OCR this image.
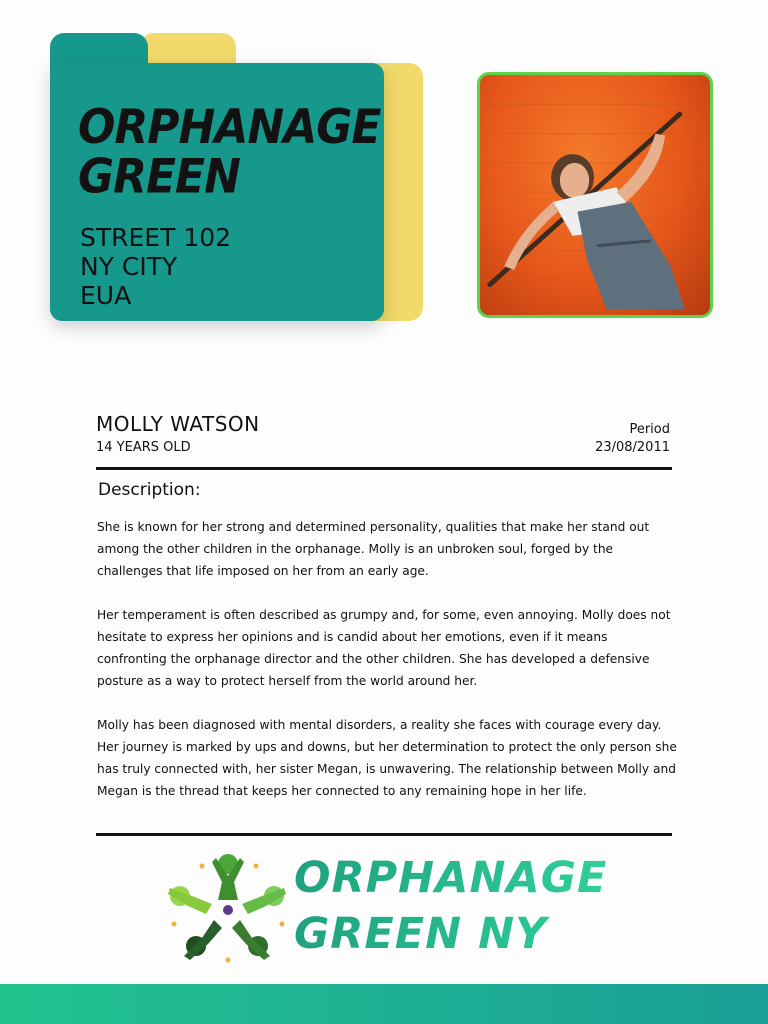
ORPHANAGE
GREEN
STREET 102
NY CITY
EUA
MOLLY WATSON
14 YEARS OLD
Period
23/08/2011
Description:

She is known for her strong and determined personality, qualities that make her stand out among the other children in the orphanage. Molly is an unbroken soul, forged by the challenges that life imposed on her from an early age.

Her temperament is often described as grumpy and, for some, even annoying. Molly does not hesitate to express her opinions and is candid about her emotions, even if it means confronting the orphanage director and the other children. She has developed a defensive posture as a way to protect herself from the world around her.

Molly has been diagnosed with mental disorders, a reality she faces with courage every day. Her journey is marked by ups and downs, but her determination to protect the only person she has truly connected with, her sister Megan, is unwavering. The relationship between Molly and Megan is the thread that keeps her connected to any remaining hope in her life.

ORPHANAGE
GREEN NY
